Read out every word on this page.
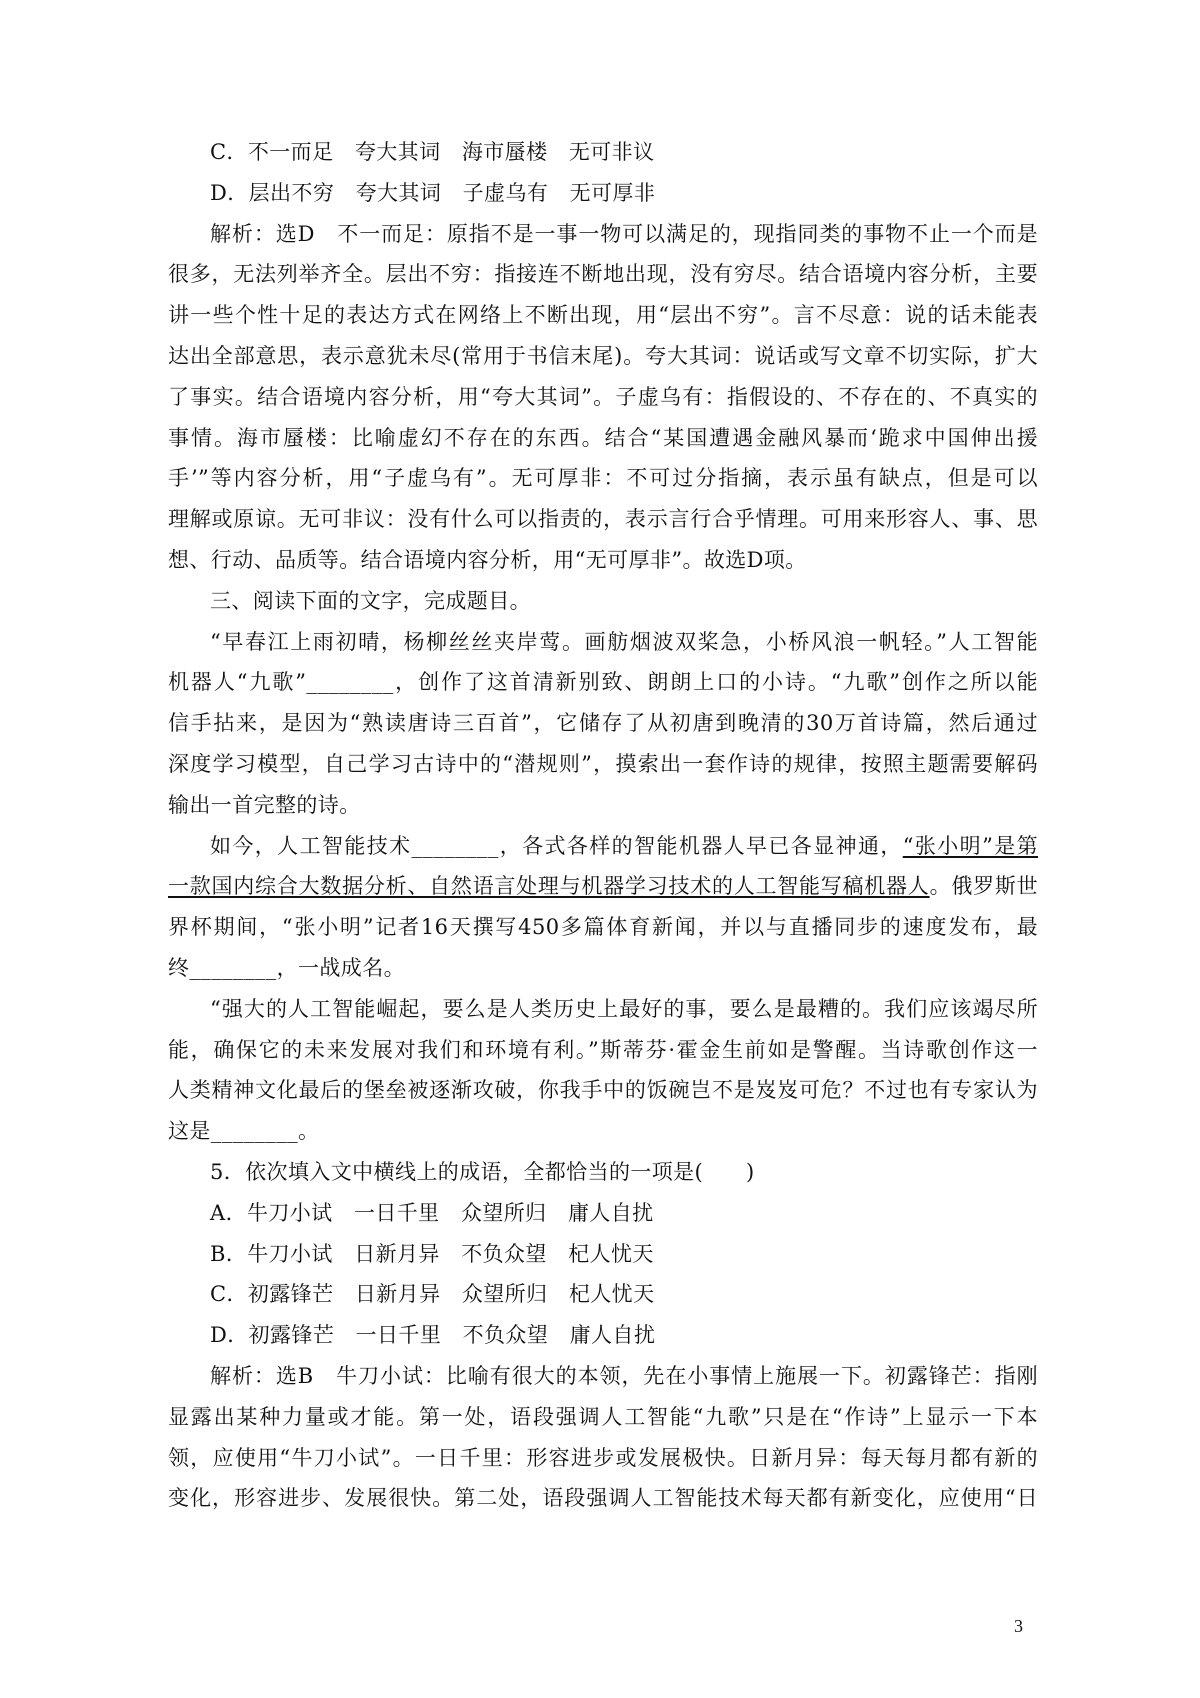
C．不一而足　夸大其词　海市蜃楼　无可非议
D．层出不穷　夸大其词　子虚乌有　无可厚非
解析：选D　不一而足：原指不是一事一物可以满足的，现指同类的事物不止一个而是
很多，无法列举齐全。层出不穷：指接连不断地出现，没有穷尽。结合语境内容分析，主要
讲一些个性十足的表达方式在网络上不断出现，用“层出不穷”。言不尽意：说的话未能表
达出全部意思，表示意犹未尽(常用于书信末尾)。夸大其词：说话或写文章不切实际，扩大
了事实。结合语境内容分析，用“夸大其词”。子虚乌有：指假设的、不存在的、不真实的
事情。海市蜃楼：比喻虚幻不存在的东西。结合“某国遭遇金融风暴而‘跪求中国伸出援
手’”等内容分析，用“子虚乌有”。无可厚非：不可过分指摘，表示虽有缺点，但是可以
理解或原谅。无可非议：没有什么可以指责的，表示言行合乎情理。可用来形容人、事、思
想、行动、品质等。结合语境内容分析，用“无可厚非”。故选D项。
三、阅读下面的文字，完成题目。
“早春江上雨初晴，杨柳丝丝夹岸莺。画舫烟波双桨急，小桥风浪一帆轻。”人工智能
机器人“九歌”________，创作了这首清新别致、朗朗上口的小诗。“九歌”创作之所以能
信手拈来，是因为“熟读唐诗三百首”，它储存了从初唐到晚清的30万首诗篇，然后通过
深度学习模型，自己学习古诗中的“潜规则”，摸索出一套作诗的规律，按照主题需要解码
输出一首完整的诗。
如今，人工智能技术________，各式各样的智能机器人早已各显神通，“张小明”是第
一款国内综合大数据分析、自然语言处理与机器学习技术的人工智能写稿机器人。俄罗斯世
界杯期间，“张小明”记者16天撰写450多篇体育新闻，并以与直播同步的速度发布，最
终________，一战成名。
“强大的人工智能崛起，要么是人类历史上最好的事，要么是最糟的。我们应该竭尽所
能，确保它的未来发展对我们和环境有利。”斯蒂芬·霍金生前如是警醒。当诗歌创作这一
人类精神文化最后的堡垒被逐渐攻破，你我手中的饭碗岂不是岌岌可危？不过也有专家认为
这是________。
5．依次填入文中横线上的成语，全都恰当的一项是(　　)
A．牛刀小试　一日千里　众望所归　庸人自扰
B．牛刀小试　日新月异　不负众望　杞人忧天
C．初露锋芒　日新月异　众望所归　杞人忧天
D．初露锋芒　一日千里　不负众望　庸人自扰
解析：选B　牛刀小试：比喻有很大的本领，先在小事情上施展一下。初露锋芒：指刚
显露出某种力量或才能。第一处，语段强调人工智能“九歌”只是在“作诗”上显示一下本
领，应使用“牛刀小试”。一日千里：形容进步或发展极快。日新月异：每天每月都有新的
变化，形容进步、发展很快。第二处，语段强调人工智能技术每天都有新变化，应使用“日
3
